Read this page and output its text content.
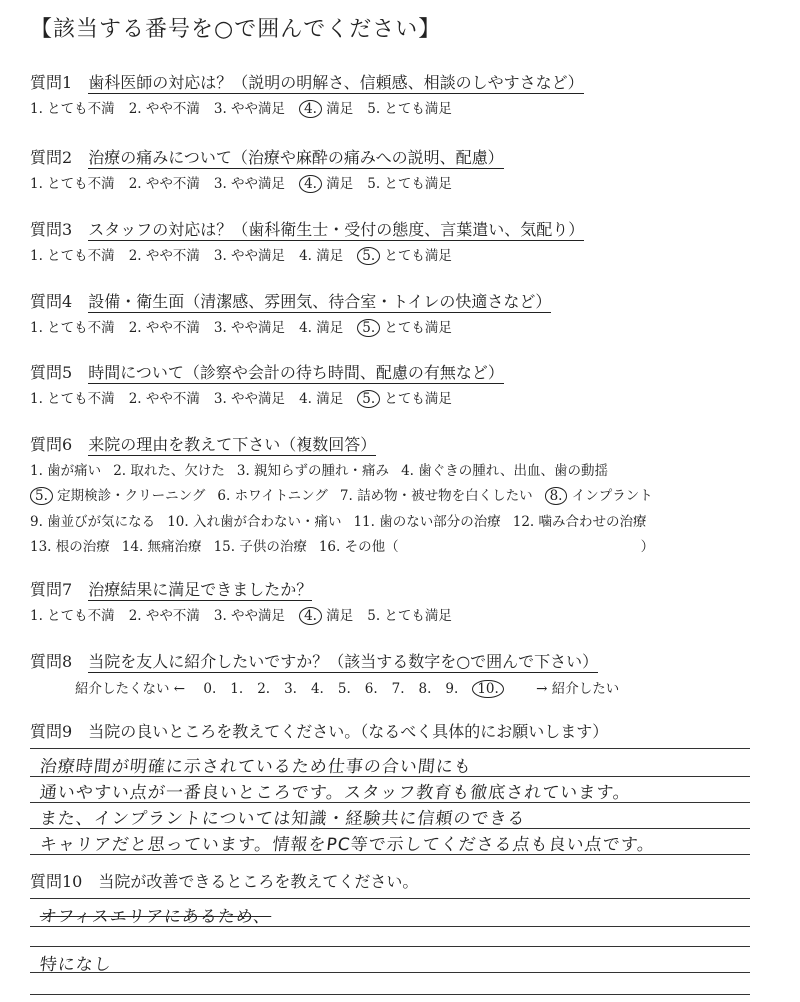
【該当する番号を○で囲んでください】
質問1　 歯科医師の対応は？（説明の明解さ、信頼感、相談のしやすさなど）
1. とても不満 2. やや不満 3. やや満足 4. 満足 5. とても満足
質問2　 治療の痛みについて（治療や麻酔の痛みへの説明、配慮）
1. とても不満 2. やや不満 3. やや満足 4. 満足 5. とても満足
質問3　 スタッフの対応は？（歯科衛生士・受付の態度、言葉遣い、気配り）
1. とても不満 2. やや不満 3. やや満足 4. 満足 5. とても満足
質問4　 設備・衛生面（清潔感、雰囲気、待合室・トイレの快適さなど）
1. とても不満 2. やや不満 3. やや満足 4. 満足 5. とても満足
質問5　 時間について（診察や会計の待ち時間、配慮の有無など）
1. とても不満 2. やや不満 3. やや満足 4. 満足 5. とても満足
質問6　 来院の理由を教えて下さい（複数回答）
1. 歯が痛い 2. 取れた、欠けた 3. 親知らずの腫れ・痛み 4. 歯ぐきの腫れ、出血、歯の動揺
5. 定期検診・クリーニング 6. ホワイトニング 7. 詰め物・被せ物を白くしたい 8. インプラント
9. 歯並びが気になる 10. 入れ歯が合わない・痛い 11. 歯のない部分の治療 12. 噛み合わせの治療
13. 根の治療 14. 無痛治療 15. 子供の治療 16. その他（	）
質問7　 治療結果に満足できましたか？
1. とても不満 2. やや不満 3. やや満足 4. 満足 5. とても満足
質問8　 当院を友人に紹介したいですか？（該当する数字を○で囲んで下さい）
紹介したくない ← 0. 1. 2. 3. 4. 5. 6. 7. 8. 9. 10.	→ 紹介したい
質問9　 当院の良いところを教えてください。（なるべく具体的にお願いします）
治療時間が明確に示されているため仕事の合い間にも
通いやすい点が一番良いところです。スタッフ教育も徹底されています。
また、インプラントについては知識・経験共に信頼のできる
キャリアだと思っています。情報をPC等で示してくださる点も良い点です。
質問10　 当院が改善できるところを教えてください。
オフィスエリアにあるため、
特になし
